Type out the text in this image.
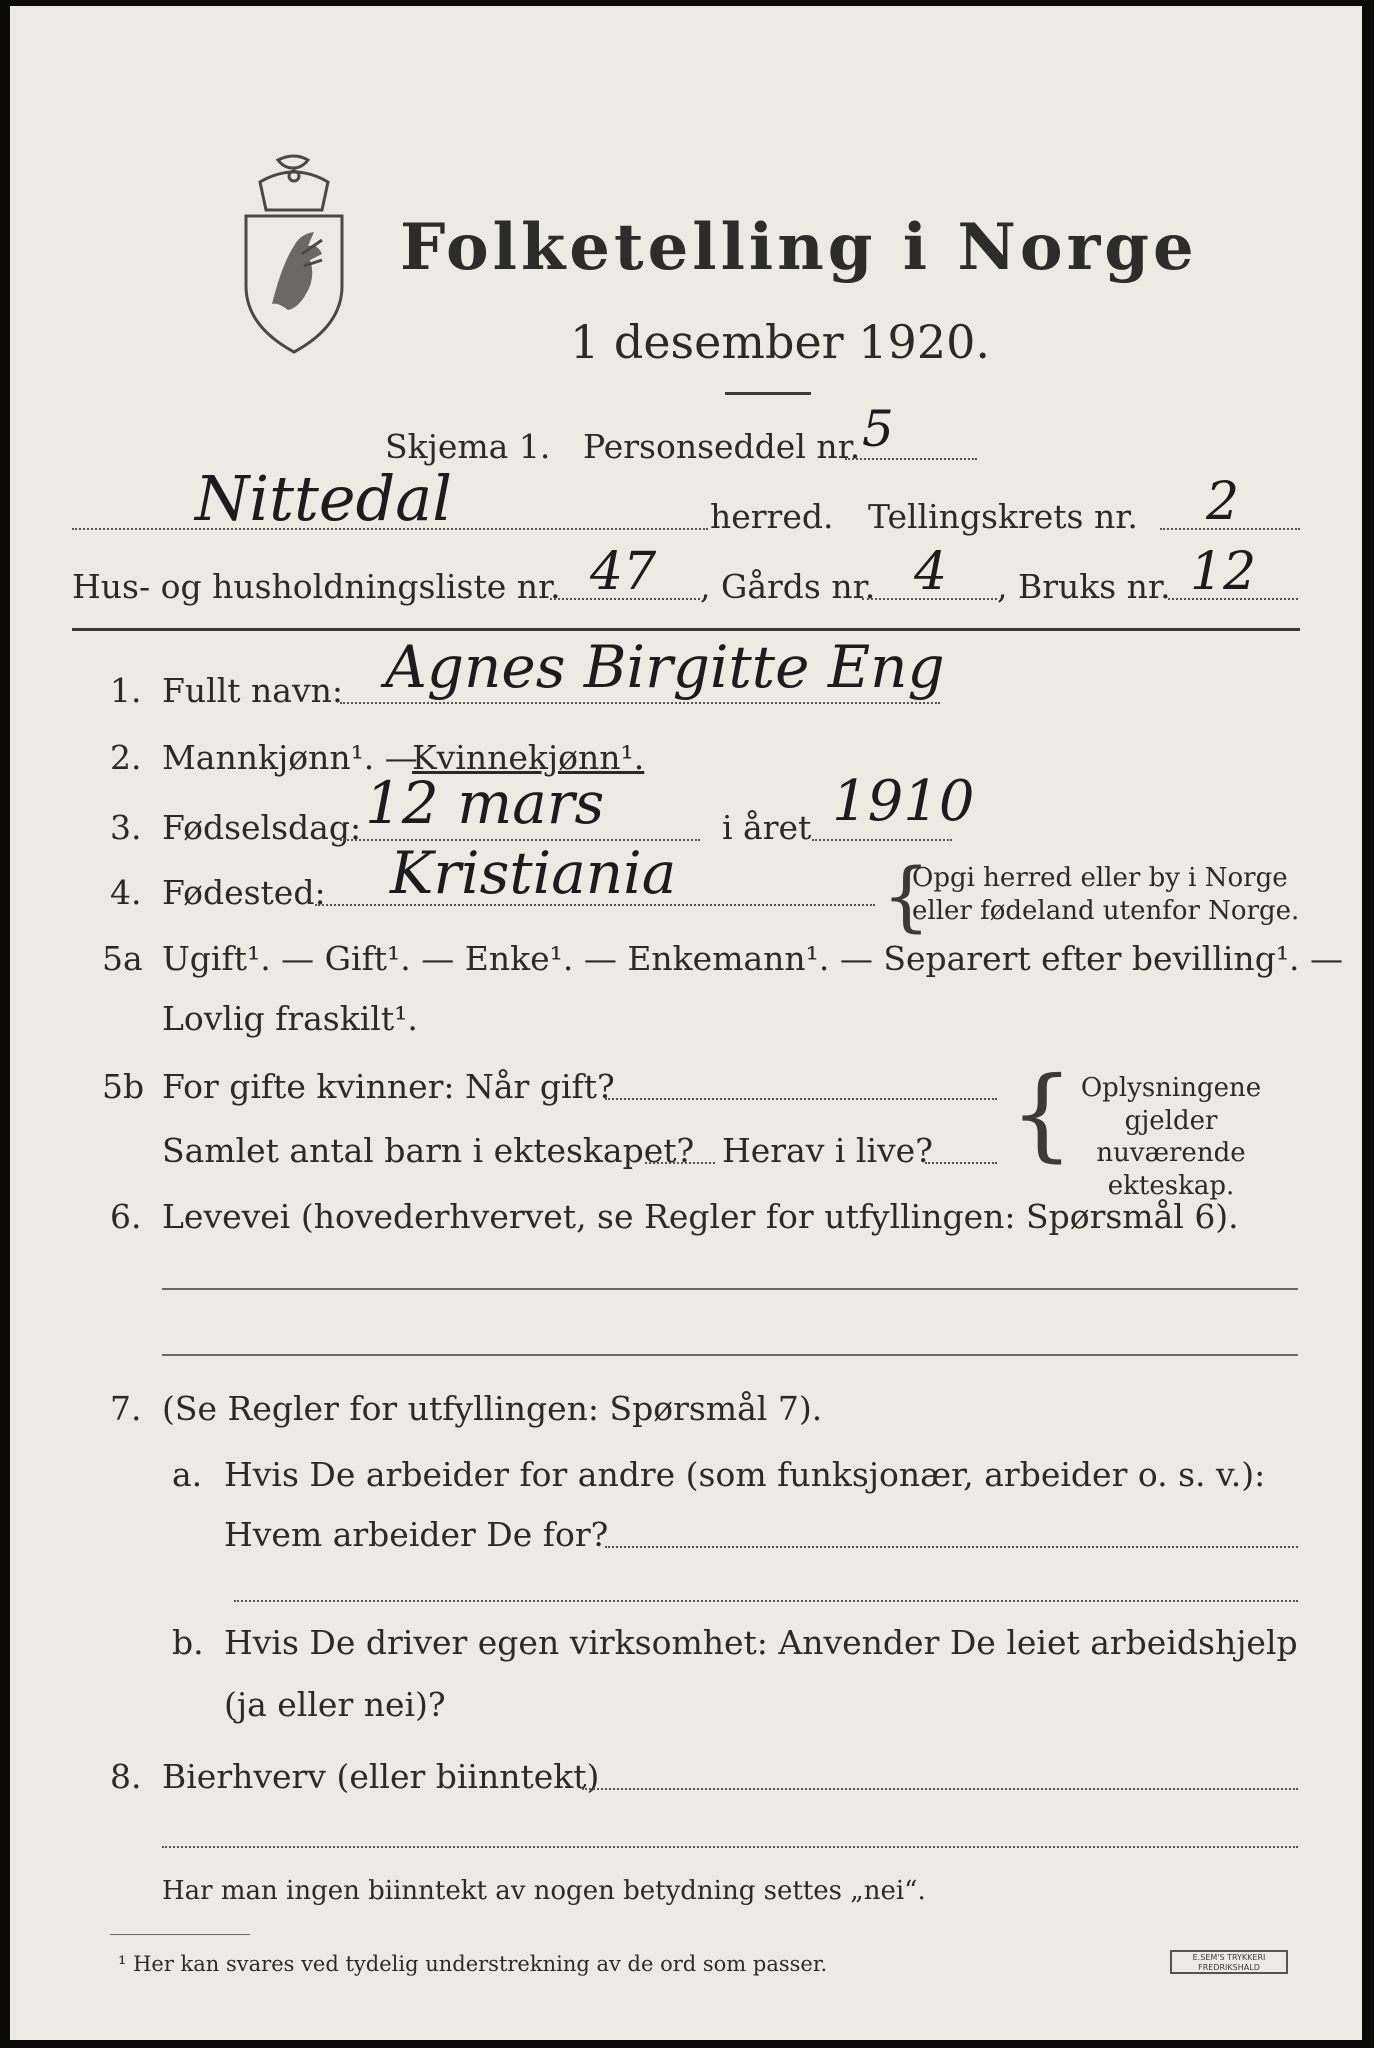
Folketelling i Norge
1 desember 1920.
Skjema 1. Personseddel nr. 5
Nittedal	herred. Tellingskrets nr. 2
Hus- og husholdningsliste nr. 47 , Gårds nr. 4 , Bruks nr. 12
1. Fullt navn: Agnes Birgitte Eng
2. Mannkjønn¹. —
Kvinnekjønn¹.
3. Fødselsdag: 12 mars	i året 1910
4. Fødested: Kristiania	{
Opgi herred eller by i Norge
eller fødeland utenfor Norge.
5a Ugift¹. — Gift¹. — Enke¹. — Enkemann¹. — Separert efter bevilling¹. —
Lovlig fraskilt¹.
5b For gifte kvinner: Når gift?
Samlet antal barn i ekteskapet? Herav i live? { Oplysningene
gjelder nuværende
ekteskap.
6. Levevei (hovederhvervet, se Regler for utfyllingen: Spørsmål 6).
7. (Se Regler for utfyllingen: Spørsmål 7).
a. Hvis De arbeider for andre (som funksjonær, arbeider o. s. v.):
Hvem arbeider De for?
b. Hvis De driver egen virksomhet: Anvender De leiet arbeidshjelp
(ja eller nei)?
8. Bierhverv (eller biinntekt)
Har man ingen biinntekt av nogen betydning settes „nei“.
¹ Her kan svares ved tydelig understrekning av de ord som passer.	E.SEM'S TRYKKERI FREDRIKSHALD
